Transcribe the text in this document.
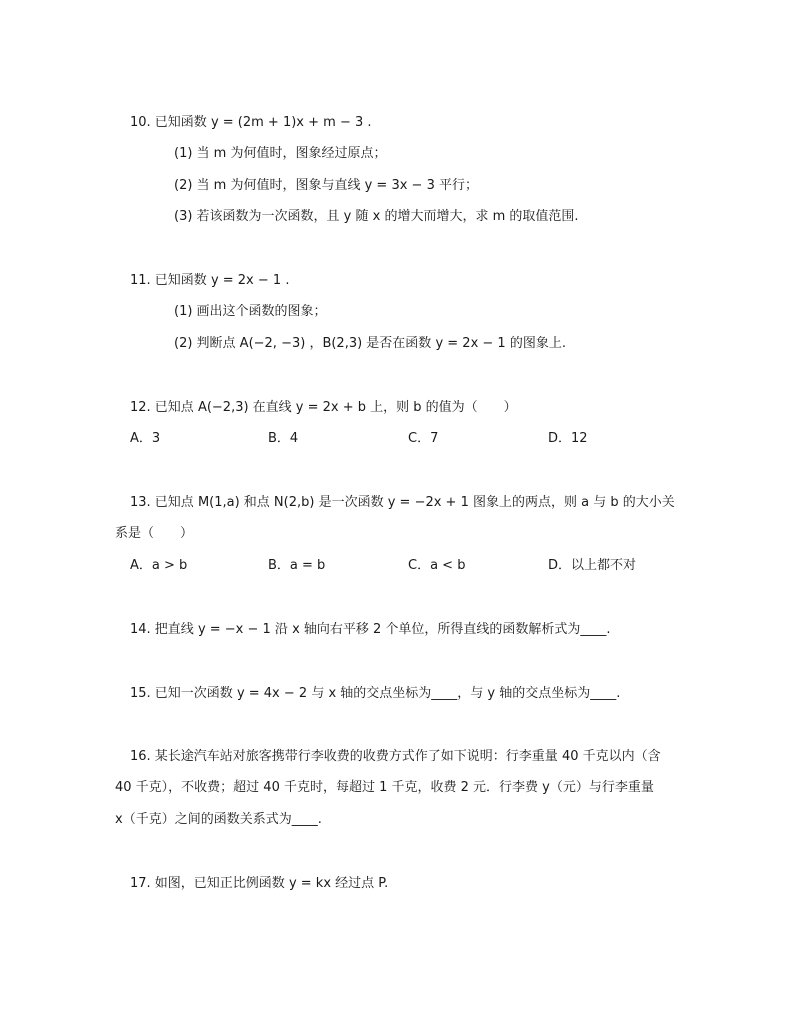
10. 已知函数 y = (2m + 1)x + m − 3 .
(1) 当 m 为何值时，图象经过原点；
(2) 当 m 为何值时，图象与直线 y = 3x − 3 平行；
(3) 若该函数为一次函数，且 y 随 x 的增大而增大，求 m 的取值范围.
11. 已知函数 y = 2x − 1 .
(1) 画出这个函数的图象；
(2) 判断点 A(−2, −3) ，B(2,3) 是否在函数 y = 2x − 1 的图象上.
12. 已知点 A(−2,3) 在直线 y = 2x + b 上，则 b 的值为（　　）
A．3	B．4	C．7	D．12
13. 已知点 M(1,a) 和点 N(2,b) 是一次函数 y = −2x + 1 图象上的两点，则 a 与 b 的大小关
系是（　　）
A．a > b	B．a = b	C．a < b	D．以上都不对
14. 把直线 y = −x − 1 沿 x 轴向右平移 2 个单位，所得直线的函数解析式为____.
15. 已知一次函数 y = 4x − 2 与 x 轴的交点坐标为____，与 y 轴的交点坐标为____.
16. 某长途汽车站对旅客携带行李收费的收费方式作了如下说明：行李重量 40 千克以内（含
40 千克），不收费；超过 40 千克时，每超过 1 千克，收费 2 元．行李费 y（元）与行李重量
x（千克）之间的函数关系式为____.
17. 如图，已知正比例函数 y = kx 经过点 P.
